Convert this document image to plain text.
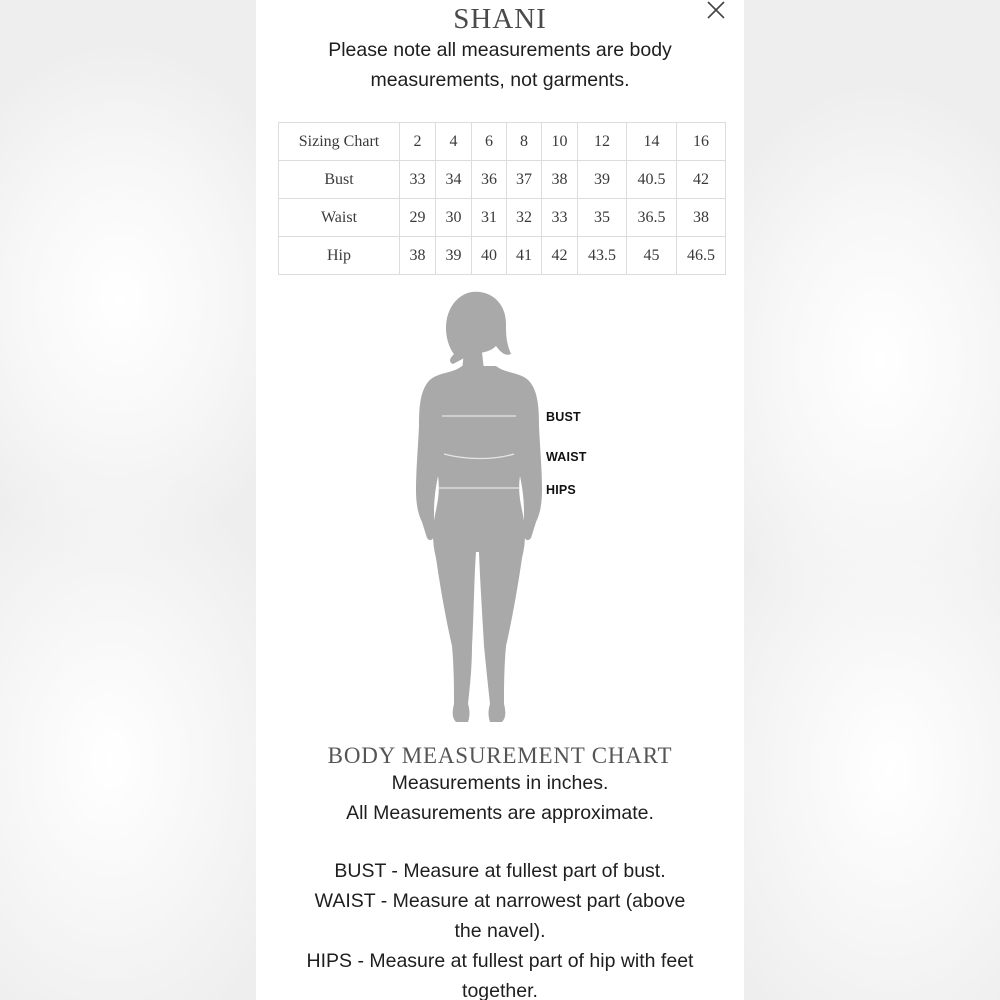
SHANI
Please note all measurements are body measurements, not garments.
Sizing Chart	2	4	6	8	10	12	14	16
Bust	33	34	36	37	38	39	40.5	42
Waist	29	30	31	32	33	35	36.5	38
Hip	38	39	40	41	42	43.5	45	46.5
BUST
WAIST
HIPS
BODY MEASUREMENT CHART
Measurements in inches.
All Measurements are approximate.
BUST - Measure at fullest part of bust.
WAIST - Measure at narrowest part (above
the navel).
HIPS - Measure at fullest part of hip with feet
together.
